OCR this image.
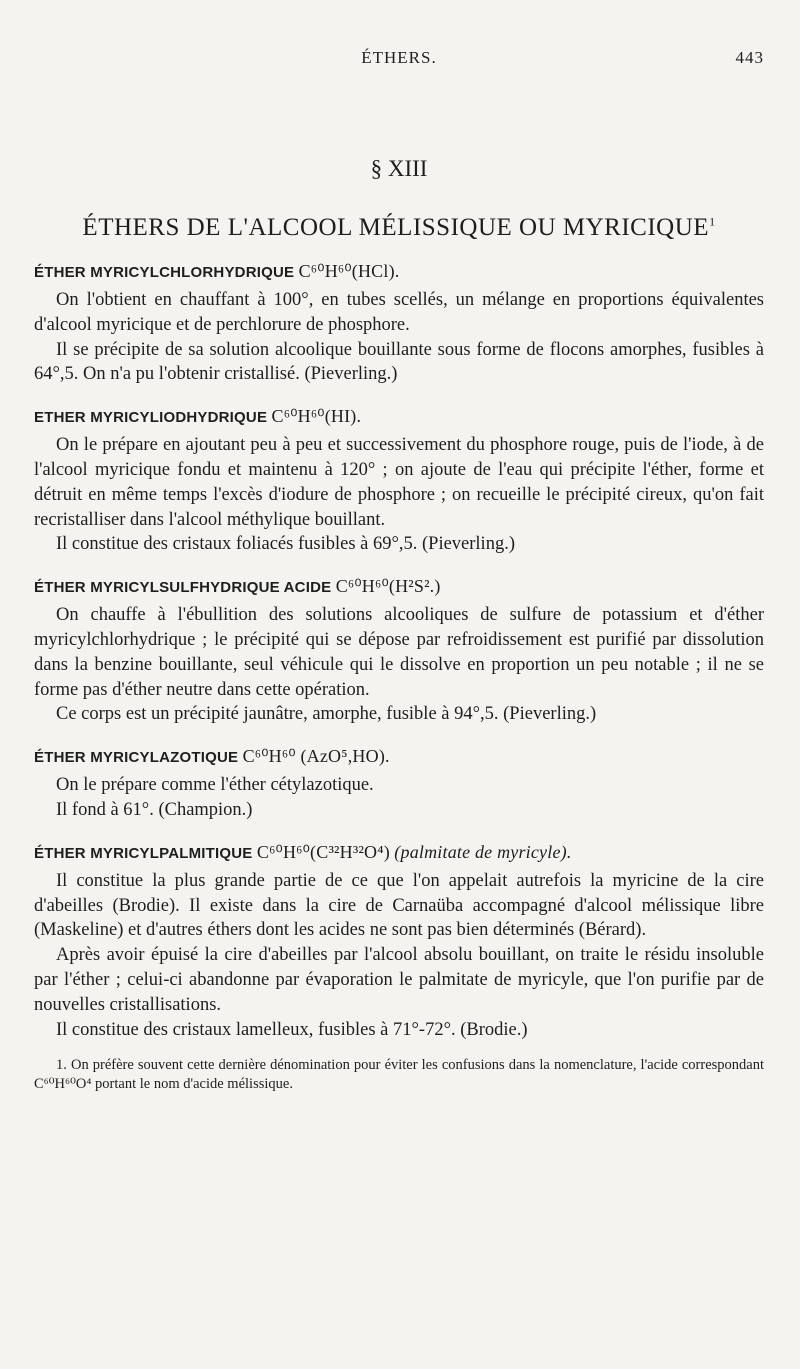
ÉTHERS.	443
§ XIII
ÉTHERS DE L'ALCOOL MÉLISSIQUE OU MYRICIQUE$^1$
ÉTHER MYRICYLCHLORHYDRIQUE C⁶⁰H⁶⁰(HCl).

On l'obtient en chauffant à 100°, en tubes scellés, un mélange en proportions équivalentes d'alcool myricique et de perchlorure de phosphore.

Il se précipite de sa solution alcoolique bouillante sous forme de flocons amorphes, fusibles à 64°,5. On n'a pu l'obtenir cristallisé. (Pieverling.)

ETHER MYRICYLIODHYDRIQUE C⁶⁰H⁶⁰(HI).

On le prépare en ajoutant peu à peu et successivement du phosphore rouge, puis de l'iode, à de l'alcool myricique fondu et maintenu à 120° ; on ajoute de l'eau qui précipite l'éther, forme et détruit en même temps l'excès d'iodure de phosphore ; on recueille le précipité cireux, qu'on fait recristalliser dans l'alcool méthylique bouillant.

Il constitue des cristaux foliacés fusibles à 69°,5. (Pieverling.)

ÉTHER MYRICYLSULFHYDRIQUE ACIDE C⁶⁰H⁶⁰(H²S².)

On chauffe à l'ébullition des solutions alcooliques de sulfure de potassium et d'éther myricylchlorhydrique ; le précipité qui se dépose par refroidissement est purifié par dissolution dans la benzine bouillante, seul véhicule qui le dissolve en proportion un peu notable ; il ne se forme pas d'éther neutre dans cette opération.

Ce corps est un précipité jaunâtre, amorphe, fusible à 94°,5. (Pieverling.)

ÉTHER MYRICYLAZOTIQUE C⁶⁰H⁶⁰ (AzO⁵,HO).

On le prépare comme l'éther cétylazotique.

Il fond à 61°. (Champion.)

ÉTHER MYRICYLPALMITIQUE C⁶⁰H⁶⁰(C³²H³²O⁴) (palmitate de myricyle).

Il constitue la plus grande partie de ce que l'on appelait autrefois la myricine de la cire d'abeilles (Brodie). Il existe dans la cire de Carnaüba accompagné d'alcool mélissique libre (Maskeline) et d'autres éthers dont les acides ne sont pas bien déterminés (Bérard).

Après avoir épuisé la cire d'abeilles par l'alcool absolu bouillant, on traite le résidu insoluble par l'éther ; celui-ci abandonne par évaporation le palmitate de myricyle, que l'on purifie par de nouvelles cristallisations.

Il constitue des cristaux lamelleux, fusibles à 71°-72°. (Brodie.)

1. On préfère souvent cette dernière dénomination pour éviter les confusions dans la nomenclature, l'acide correspondant C⁶⁰H⁶⁰O⁴ portant le nom d'acide mélissique.
